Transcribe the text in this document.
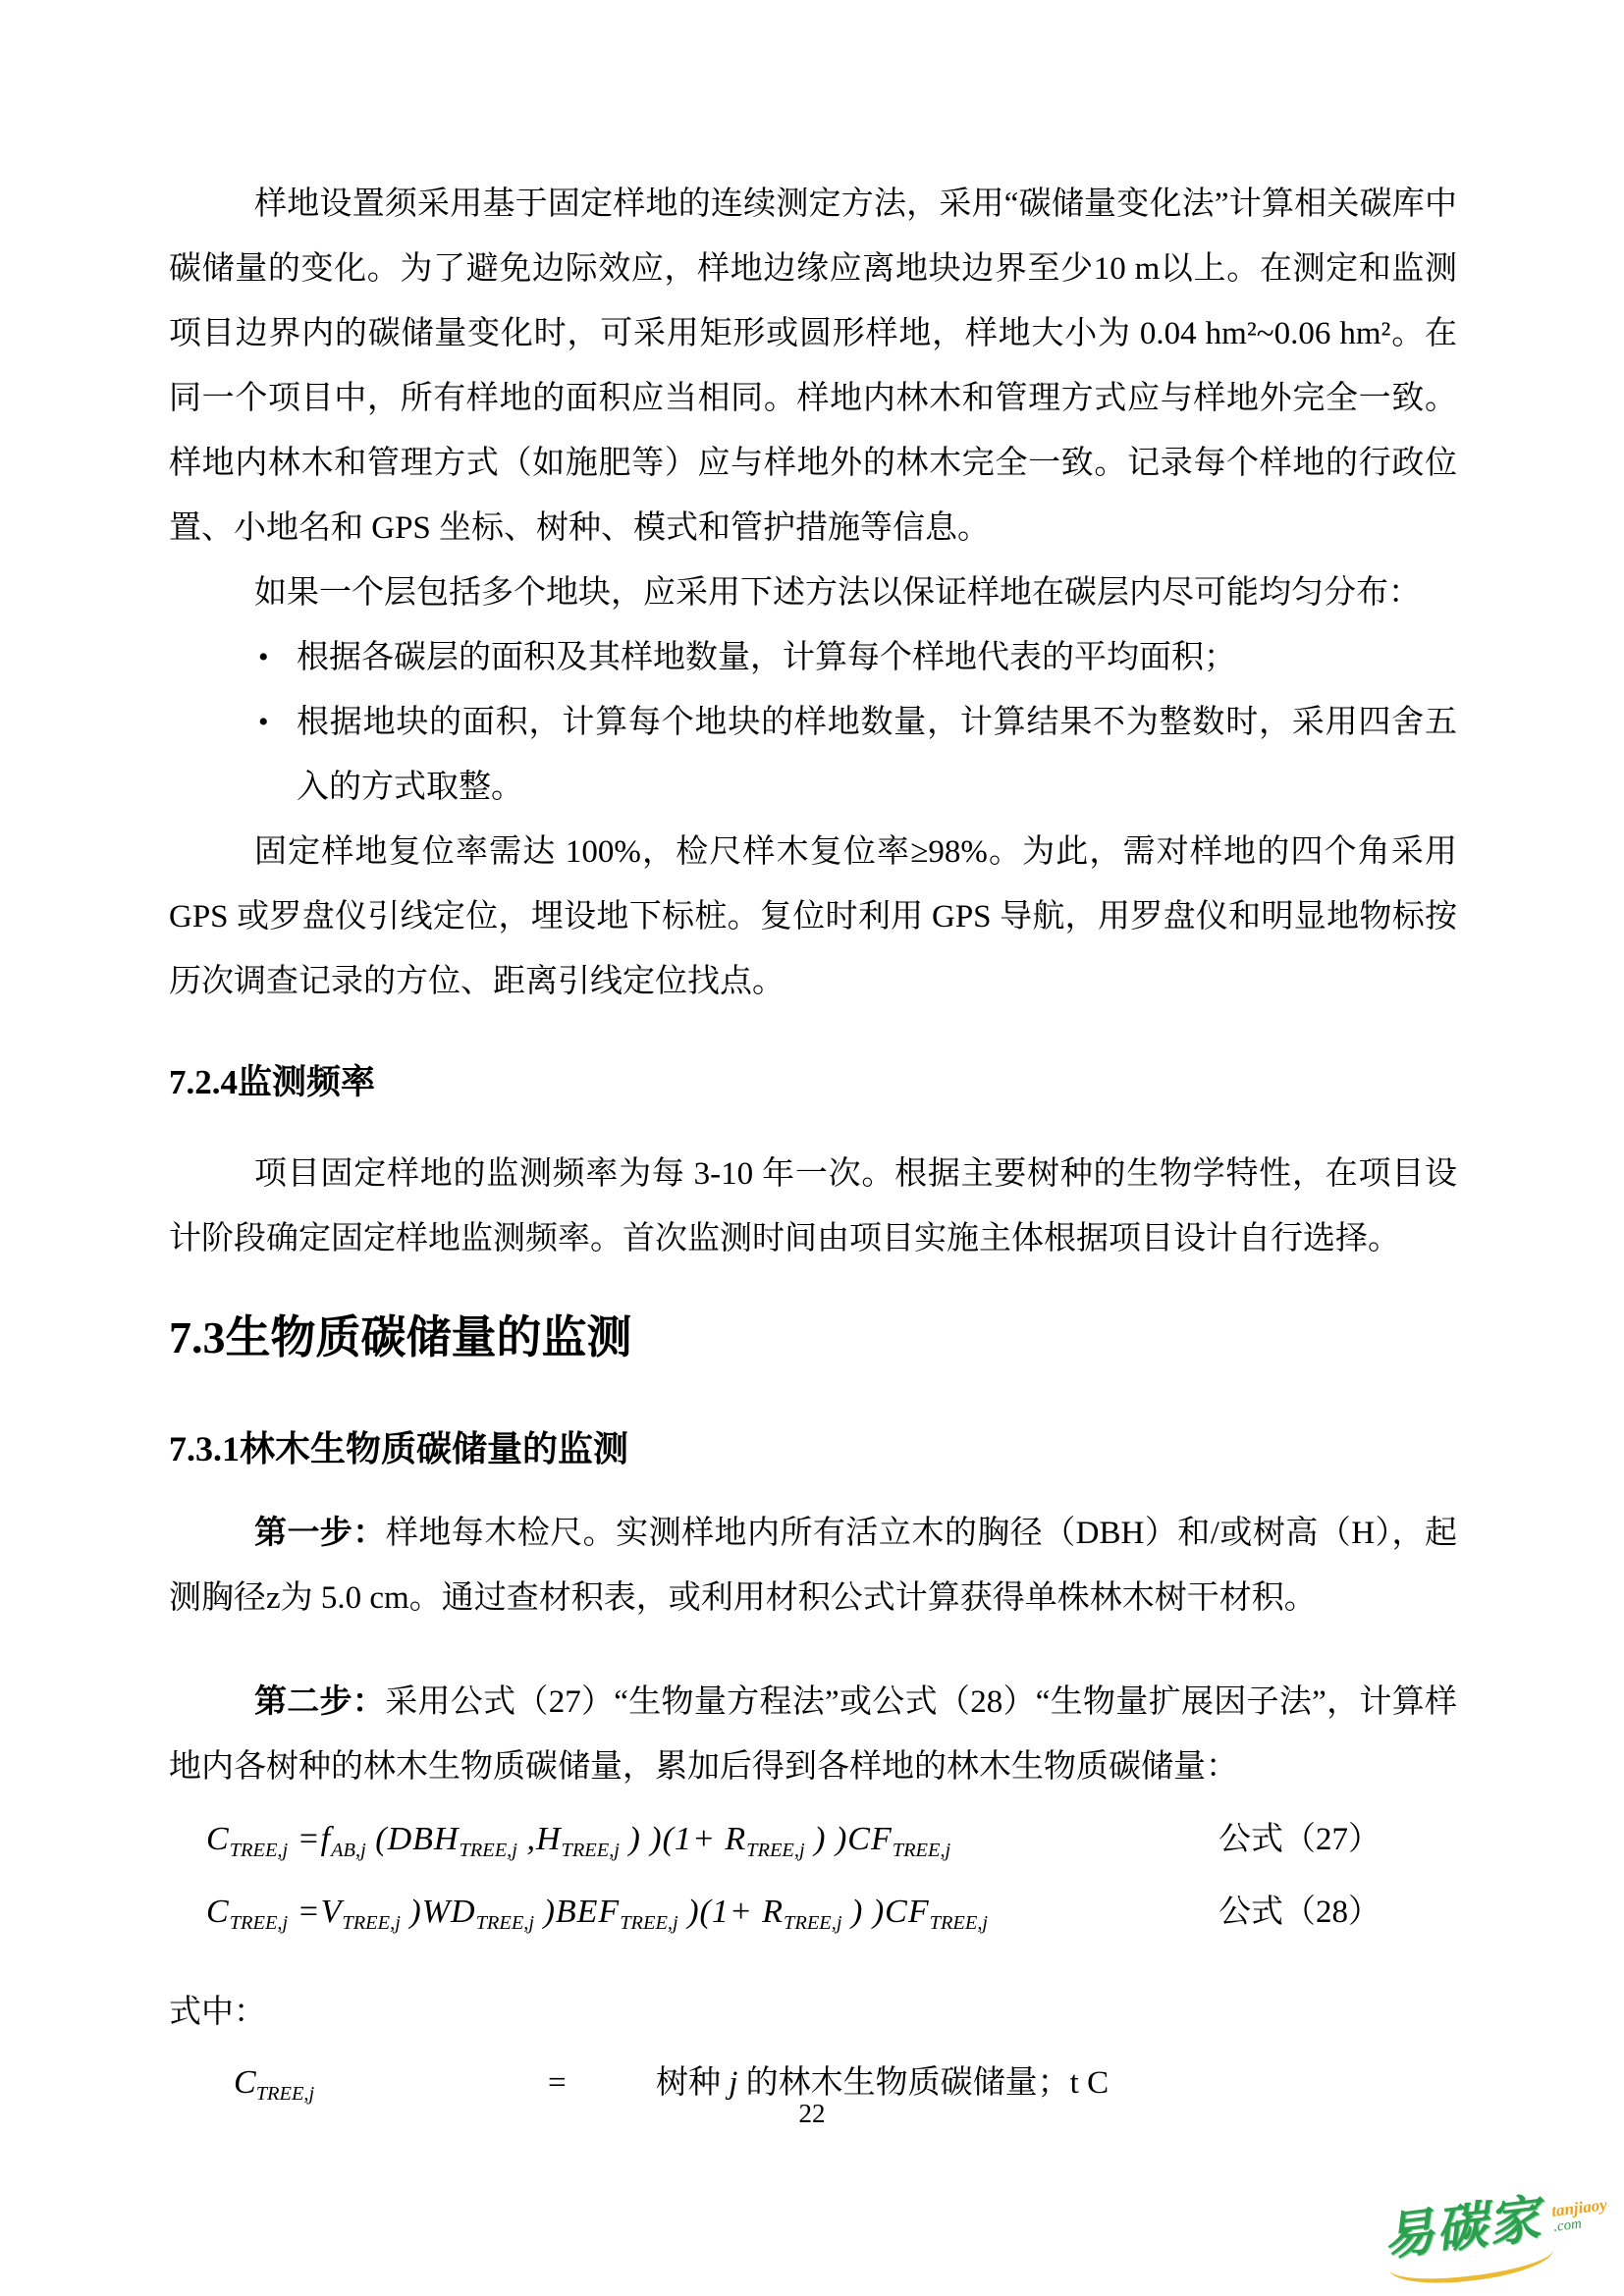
样地设置须采用基于固定样地的连续测定方法，采用“碳储量变化法”计算相关碳库中碳储量的变化。为了避免边际效应，样地边缘应离地块边界至少10 m以上。在测定和监测项目边界内的碳储量变化时，可采用矩形或圆形样地，样地大小为 0.04 hm²~0.06 hm²。在同一个项目中，所有样地的面积应当相同。样地内林木和管理方式应与样地外完全一致。样地内林木和管理方式（如施肥等）应与样地外的林木完全一致。记录每个样地的行政位置、小地名和 GPS 坐标、树种、模式和管护措施等信息。

如果一个层包括多个地块，应采用下述方法以保证样地在碳层内尽可能均匀分布：

• 根据各碳层的面积及其样地数量，计算每个样地代表的平均面积；
• 根据地块的面积，计算每个地块的样地数量，计算结果不为整数时，采用四舍五入的方式取整。

固定样地复位率需达 100%，检尺样木复位率≥98%。为此，需对样地的四个角采用 GPS 或罗盘仪引线定位，埋设地下标桩。复位时利用 GPS 导航，用罗盘仪和明显地物标按历次调查记录的方位、距离引线定位找点。

7.2.4监测频率

项目固定样地的监测频率为每 3-10 年一次。根据主要树种的生物学特性，在项目设计阶段确定固定样地监测频率。首次监测时间由项目实施主体根据项目设计自行选择。

7.3生物质碳储量的监测
7.3.1林木生物质碳储量的监测

第一步：样地每木检尺。实测样地内所有活立木的胸径（DBH）和/或树高（H），起测胸径z为 5.0 cm。通过查材积表，或利用材积公式计算获得单株林木树干材积。

第二步：采用公式（27）“生物量方程法”或公式（28）“生物量扩展因子法”，计算样地内各树种的林木生物质碳储量，累加后得到各样地的林木生物质碳储量：

$C_{TREE,j} =f_{AB,j}$ ($DBH_{TREE,j}$ $,H_{TREE,j}$ ) )($1+ R_{TREE,j}$ ) )$CF_{TREE,j}$	公式（27）
$C_{TREE,j} =V_{TREE,j}$ )$WD_{TREE,j}$ )$BEF_{TREE,j}$ )($1+ R_{TREE,j}$ ) )$CF_{TREE,j}$	公式（28）

式中：

$C_{TREE,j}$	=	树种 j 的林木生物质碳储量；t C
22
易碳家 tanjiaoy
.com
